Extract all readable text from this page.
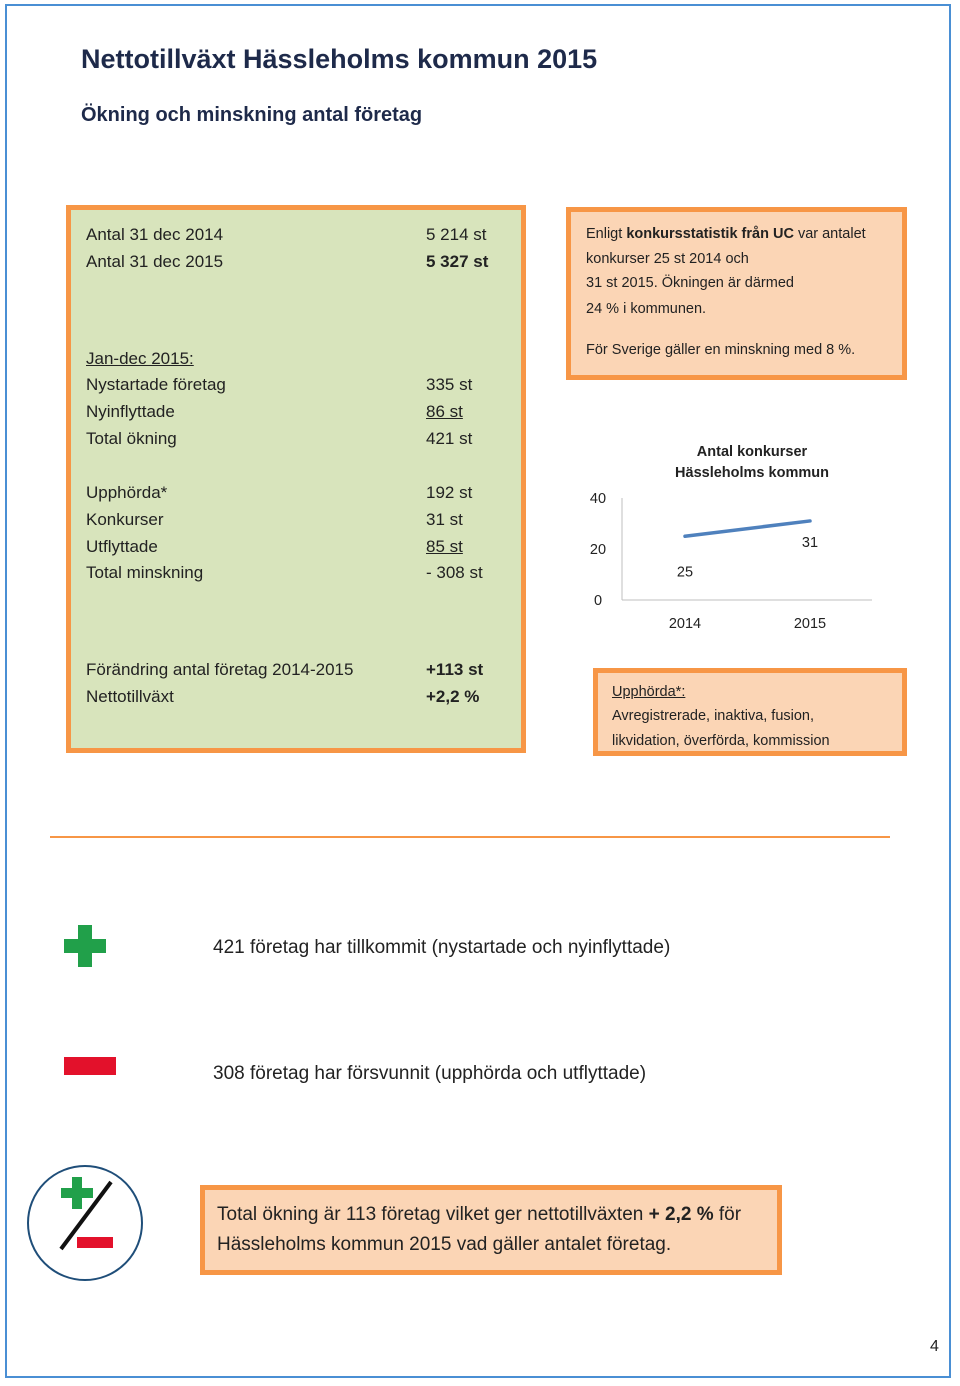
Nettotillväxt Hässleholms kommun 2015
Ökning och minskning antal företag
Antal 31 dec 2014	5 214 st
Antal 31 dec 2015	5 327 st
Jan-dec 2015:
Nystartade företag	335 st
Nyinflyttade	86 st
Total ökning	421 st
Upphörda*	192 st
Konkurser	31 st
Utflyttade	85 st
Total minskning	- 308 st
Förändring antal företag 2014-2015	+113 st
Nettotillväxt	+2,2 %
Enligt konkursstatistik från UC var antalet
konkurser 25 st 2014 och
31 st 2015. Ökningen är därmed
24 % i kommunen.
För Sverige gäller en minskning med 8 %.
Antal konkurser
Hässleholms kommun
0
20
40
2014	2015
25
31
Upphörda*:
Avregistrerade, inaktiva, fusion,
likvidation, överförda, kommission
421 företag har tillkommit (nystartade och nyinflyttade)
308 företag har försvunnit (upphörda och utflyttade)
Total ökning är 113 företag vilket ger nettotillväxten + 2,2 % för
Hässleholms kommun 2015 vad gäller antalet företag.
4
